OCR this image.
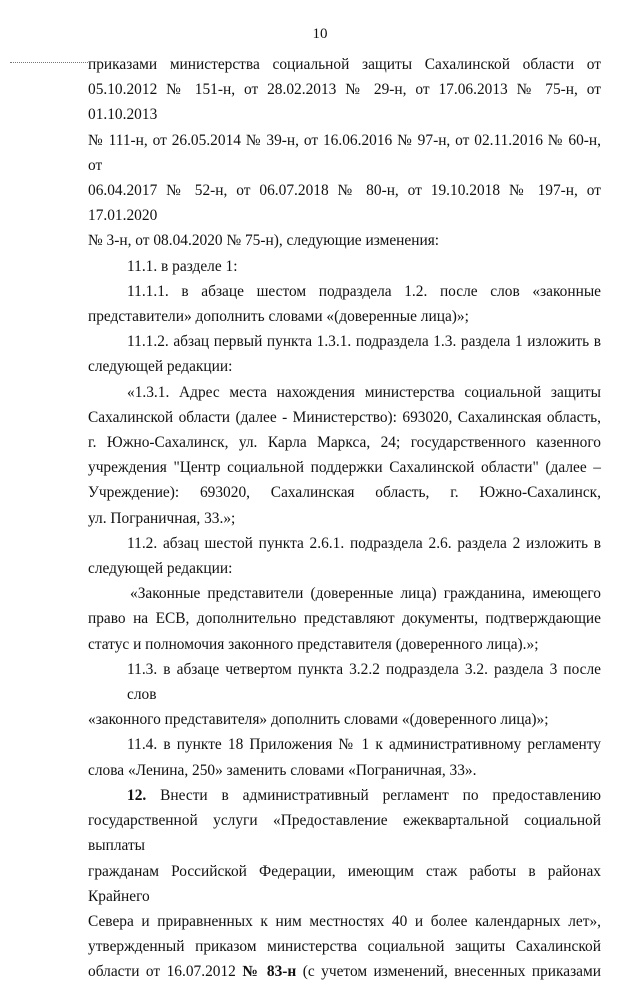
10
приказами министерства социальной защиты Сахалинской области от
05.10.2012 № 151-н, от 28.02.2013 № 29-н, от 17.06.2013 № 75-н, от 01.10.2013
№ 111-н, от 26.05.2014 № 39-н, от 16.06.2016 № 97-н, от 02.11.2016 № 60-н, от
06.04.2017 № 52-н, от 06.07.2018 № 80-н, от 19.10.2018 № 197-н, от 17.01.2020
№ 3-н, от 08.04.2020 № 75-н), следующие изменения:
11.1. в разделе 1:
11.1.1. в абзаце шестом подраздела 1.2. после слов «законные
представители» дополнить словами «(доверенные лица)»;
11.1.2. абзац первый пункта 1.3.1. подраздела 1.3. раздела 1 изложить в
следующей редакции:
«1.3.1. Адрес места нахождения министерства социальной защиты
Сахалинской области (далее - Министерство): 693020, Сахалинская область,
г. Южно-Сахалинск, ул. Карла Маркса, 24; государственного казенного
учреждения "Центр социальной поддержки Сахалинской области" (далее –
Учреждение): 693020, Сахалинская область, г. Южно-Сахалинск,
ул. Пограничная, 33.»;
11.2. абзац шестой пункта 2.6.1. подраздела 2.6. раздела 2 изложить в
следующей редакции:
«Законные представители (доверенные лица) гражданина, имеющего
право на ЕСВ, дополнительно представляют документы, подтверждающие
статус и полномочия законного представителя (доверенного лица).»;
11.3. в абзаце четвертом пункта 3.2.2 подраздела 3.2. раздела 3 после слов
«законного представителя» дополнить словами «(доверенного лица)»;
11.4. в пункте 18 Приложения № 1 к административному регламенту
слова «Ленина, 250» заменить словами «Пограничная, 33».
12. Внести в административный регламент по предоставлению
государственной услуги «Предоставление ежеквартальной социальной выплаты
гражданам Российской Федерации, имеющим стаж работы в районах Крайнего
Севера и приравненных к ним местностях 40 и более календарных лет»,
утвержденный приказом министерства социальной защиты Сахалинской
области от 16.07.2012 № 83-н (с учетом изменений, внесенных приказами
